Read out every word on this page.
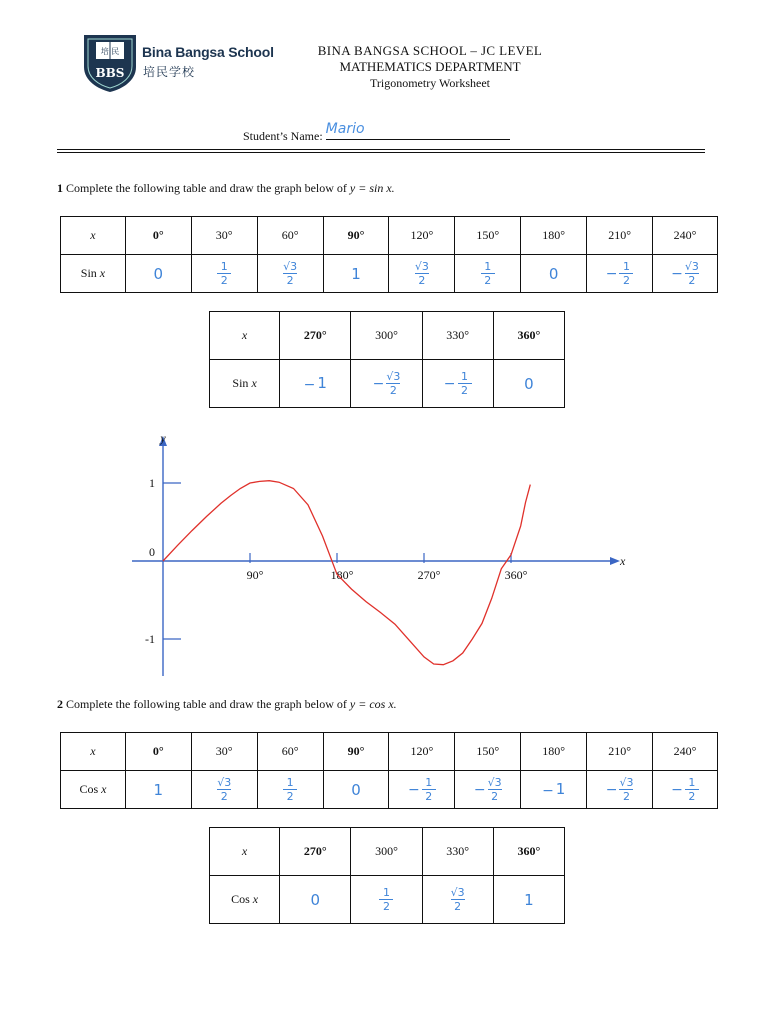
培 民
BBS
Bina Bangsa School
培民学校
BINA BANGSA SCHOOL – JC LEVEL
MATHEMATICS DEPARTMENT
Trigonometry Worksheet
Student’s Name: Mario
1 Complete the following table and draw the graph below of y = sin x.
x	0°	30°	60°	90°	120°	150°	180°	210°	240°
Sin x	0	$\frac{1}{2}$	$\frac{√3}{2}$	1	$\frac{√3}{2}$	$\frac{1}{2}$	0	− $\frac{1}{2}$	− $\frac{√3}{2}$
x	270°	300°	330°	360°
Sin x	− 1	− $\frac{√3}{2}$	− $\frac{1}{2}$	0
90°	180°	270°	360°
1
0
-1
x
y
2 Complete the following table and draw the graph below of y = cos x.
x	0°	30°	60°	90°	120°	150°	180°	210°	240°
Cos x	1	$\frac{√3}{2}$	$\frac{1}{2}$	0	− $\frac{1}{2}$	− $\frac{√3}{2}$	− 1	− $\frac{√3}{2}$	− $\frac{1}{2}$
x	270°	300°	330°	360°
Cos x	0	$\frac{1}{2}$	$\frac{√3}{2}$	1
